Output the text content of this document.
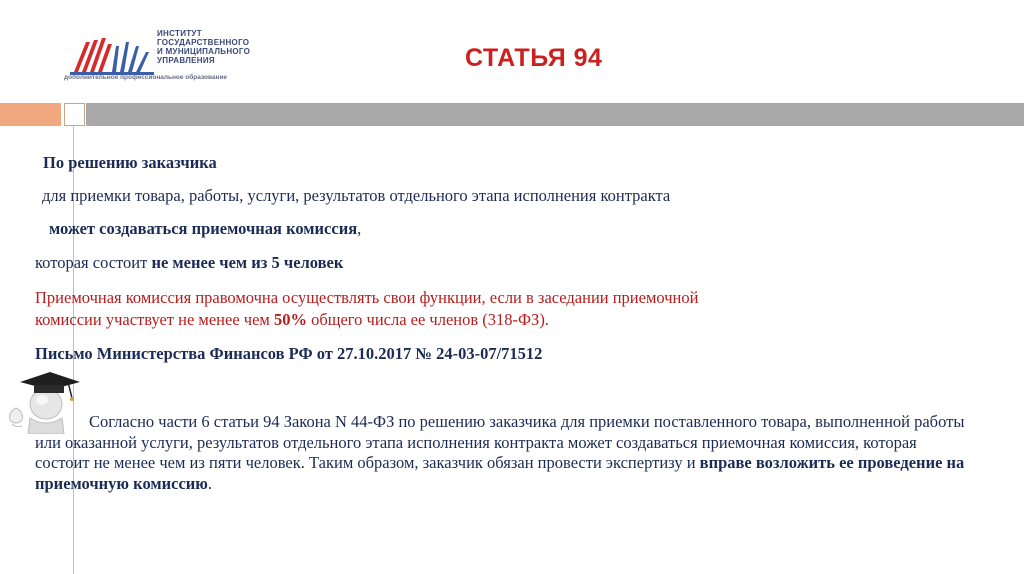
ИНСТИТУТ
ГОСУДАРСТВЕННОГО
И МУНИЦИПАЛЬНОГО
УПРАВЛЕНИЯ
дополнительное профессиональное образование
СТАТЬЯ 94
По решению заказчика
для приемки товара, работы, услуги, результатов отдельного этапа исполнения контракта
может создаваться приемочная комиссия,
которая состоит не менее чем из 5 человек
Приемочная комиссия правомочна осуществлять свои функции, если в заседании приемочной
комиссии участвует не менее чем 50% общего числа ее членов (318-ФЗ).
Письмо Министерства Финансов РФ от 27.10.2017 № 24-03-07/71512
Согласно части 6 статьи 94 Закона N 44-ФЗ по решению заказчика для приемки поставленного товара, выполненной работы или оказанной услуги, результатов отдельного этапа исполнения контракта может создаваться приемочная комиссия, которая состоит не менее чем из пяти человек. Таким образом, заказчик обязан провести экспертизу и вправе возложить ее проведение на приемочную комиссию.
